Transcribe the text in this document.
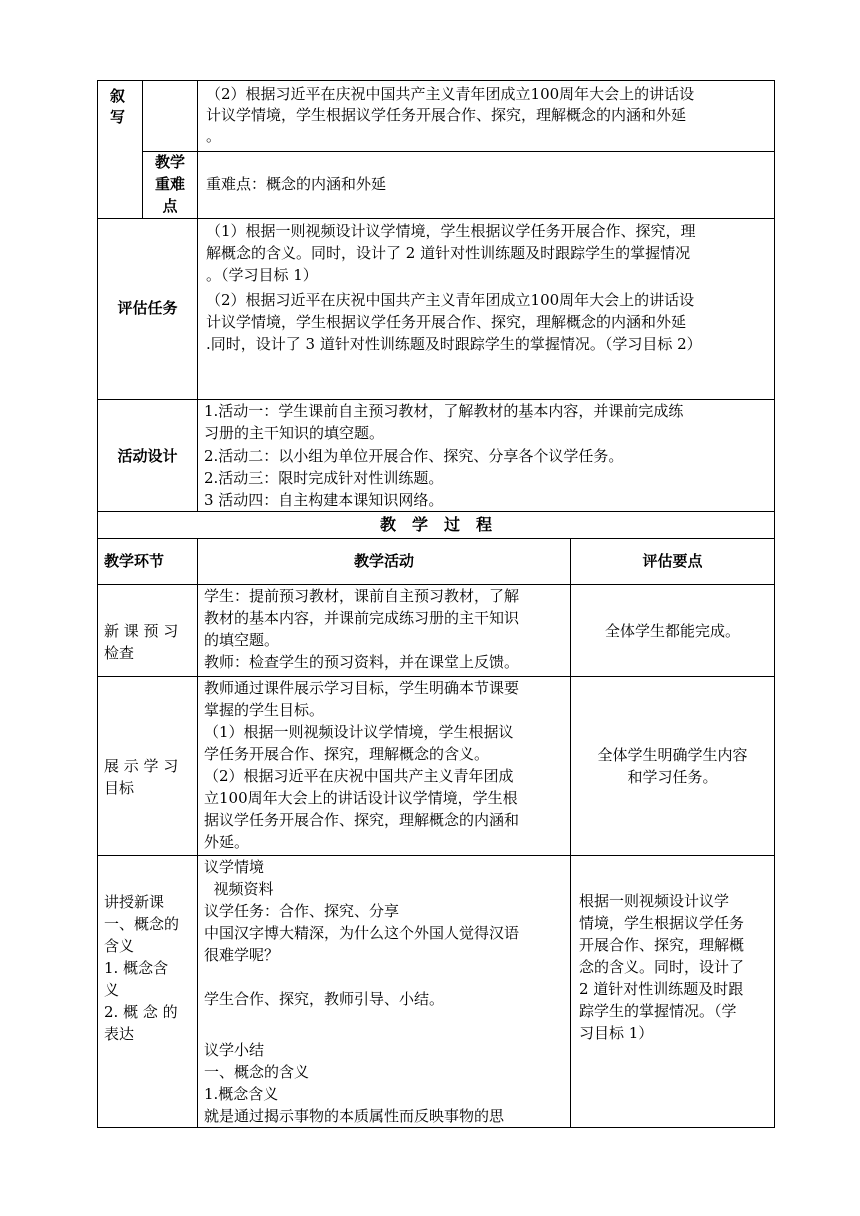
叙
写
（2）根据习近平在庆祝中国共产主义青年团成立100周年大会上的讲话设
计议学情境，学生根据议学任务开展合作、探究，理解概念的内涵和外延
。
教学
重难
点
重难点：概念的内涵和外延
评估任务
（1）根据一则视频设计议学情境，学生根据议学任务开展合作、探究，理
解概念的含义。同时，设计了 2 道针对性训练题及时跟踪学生的掌握情况
。（学习目标 1）
（2）根据习近平在庆祝中国共产主义青年团成立100周年大会上的讲话设
计议学情境，学生根据议学任务开展合作、探究，理解概念的内涵和外延
.同时，设计了 3 道针对性训练题及时跟踪学生的掌握情况。（学习目标 2）
活动设计
1.活动一：学生课前自主预习教材，了解教材的基本内容，并课前完成练
习册的主干知识的填空题。
2.活动二：以小组为单位开展合作、探究、分享各个议学任务。
2.活动三：限时完成针对性训练题。
3 活动四：自主构建本课知识网络。
教　学　过　程
教学环节	教学活动	评估要点
新 课 预 习
检查
学生：提前预习教材，课前自主预习教材，了解
教材的基本内容，并课前完成练习册的主干知识
的填空题。
教师：检查学生的预习资料，并在课堂上反馈。
全体学生都能完成。
展 示 学 习
目标
教师通过课件展示学习目标，学生明确本节课要
掌握的学生目标。
（1）根据一则视频设计议学情境，学生根据议
学任务开展合作、探究，理解概念的含义。
（2）根据习近平在庆祝中国共产主义青年团成
立100周年大会上的讲话设计议学情境，学生根
据议学任务开展合作、探究，理解概念的内涵和
外延。
全体学生明确学生内容
和学习任务。
讲授新课
一、概念的
含义
1. 概念含
义
2. 概 念 的
表达
议学情境
视频资料
议学任务：合作、探究、分享
中国汉字博大精深，为什么这个外国人觉得汉语
很难学呢？
学生合作、探究，教师引导、小结。
议学小结
一、概念的含义
1.概念含义
就是通过揭示事物的本质属性而反映事物的思
根据一则视频设计议学
情境，学生根据议学任务
开展合作、探究，理解概
念的含义。同时，设计了
2 道针对性训练题及时跟
踪学生的掌握情况。（学
习目标 1）
